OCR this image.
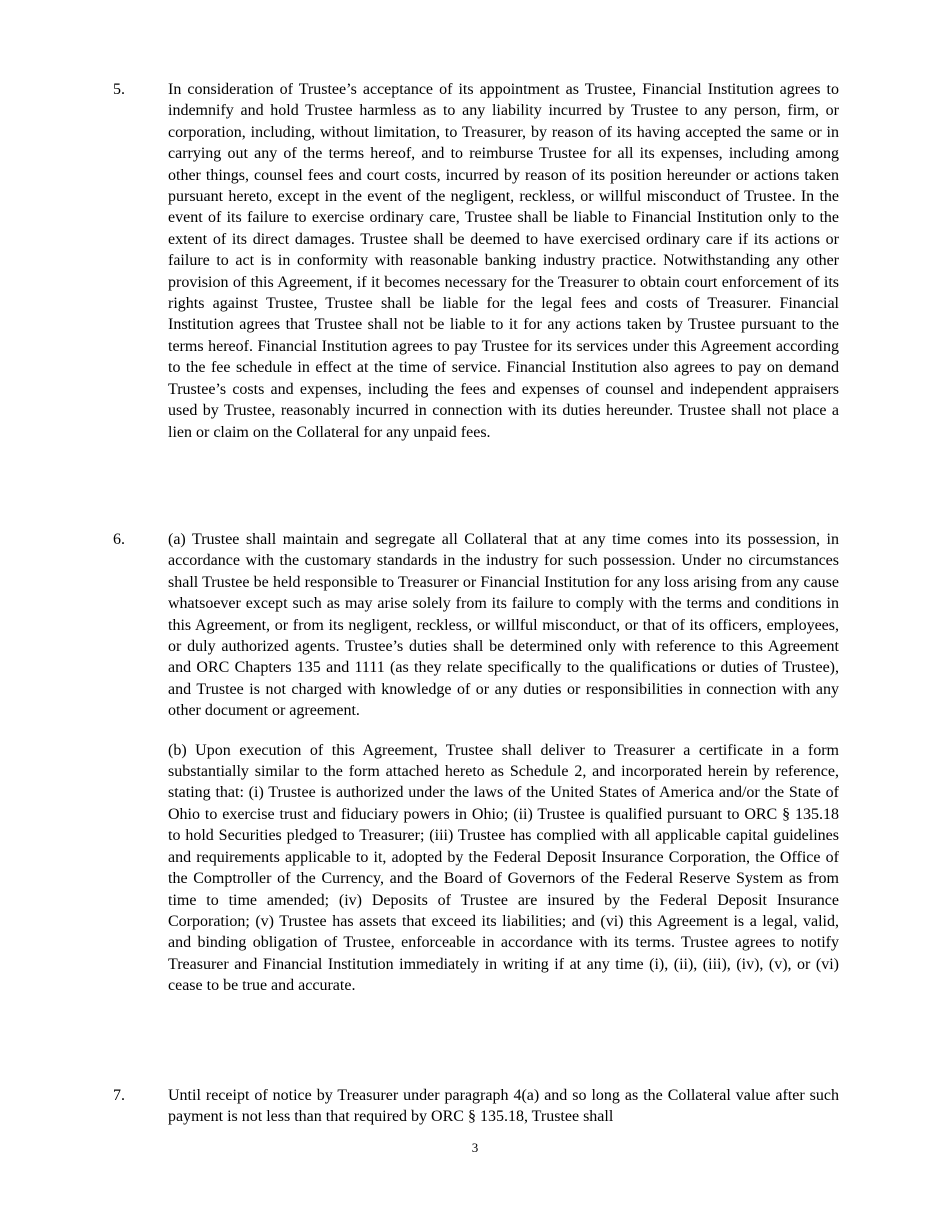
5.	In consideration of Trustee’s acceptance of its appointment as Trustee, Financial Institution agrees to indemnify and hold Trustee harmless as to any liability incurred by Trustee to any person, firm, or corporation, including, without limitation, to Treasurer, by reason of its having accepted the same or in carrying out any of the terms hereof, and to reimburse Trustee for all its expenses, including among other things, counsel fees and court costs, incurred by reason of its position hereunder or actions taken pursuant hereto, except in the event of the negligent, reckless, or willful misconduct of Trustee. In the event of its failure to exercise ordinary care, Trustee shall be liable to Financial Institution only to the extent of its direct damages. Trustee shall be deemed to have exercised ordinary care if its actions or failure to act is in conformity with reasonable banking industry practice. Notwithstanding any other provision of this Agreement, if it becomes necessary for the Treasurer to obtain court enforcement of its rights against Trustee, Trustee shall be liable for the legal fees and costs of Treasurer. Financial Institution agrees that Trustee shall not be liable to it for any actions taken by Trustee pursuant to the terms hereof. Financial Institution agrees to pay Trustee for its services under this Agreement according to the fee schedule in effect at the time of service. Financial Institution also agrees to pay on demand Trustee’s costs and expenses, including the fees and expenses of counsel and independent appraisers used by Trustee, reasonably incurred in connection with its duties hereunder. Trustee shall not place a lien or claim on the Collateral for any unpaid fees.

6.	(a) Trustee shall maintain and segregate all Collateral that at any time comes into its possession, in accordance with the customary standards in the industry for such possession. Under no circumstances shall Trustee be held responsible to Treasurer or Financial Institution for any loss arising from any cause whatsoever except such as may arise solely from its failure to comply with the terms and conditions in this Agreement, or from its negligent, reckless, or willful misconduct, or that of its officers, employees, or duly authorized agents. Trustee’s duties shall be determined only with reference to this Agreement and ORC Chapters 135 and 1111 (as they relate specifically to the qualifications or duties of Trustee), and Trustee is not charged with knowledge of or any duties or responsibilities in connection with any other document or agreement.

(b) Upon execution of this Agreement, Trustee shall deliver to Treasurer a certificate in a form substantially similar to the form attached hereto as Schedule 2, and incorporated herein by reference, stating that: (i) Trustee is authorized under the laws of the United States of America and/or the State of Ohio to exercise trust and fiduciary powers in Ohio; (ii) Trustee is qualified pursuant to ORC § 135.18 to hold Securities pledged to Treasurer; (iii) Trustee has complied with all applicable capital guidelines and requirements applicable to it, adopted by the Federal Deposit Insurance Corporation, the Office of the Comptroller of the Currency, and the Board of Governors of the Federal Reserve System as from time to time amended; (iv) Deposits of Trustee are insured by the Federal Deposit Insurance Corporation; (v) Trustee has assets that exceed its liabilities; and (vi) this Agreement is a legal, valid, and binding obligation of Trustee, enforceable in accordance with its terms. Trustee agrees to notify Treasurer and Financial Institution immediately in writing if at any time (i), (ii), (iii), (iv), (v), or (vi) cease to be true and accurate.

7.	Until receipt of notice by Treasurer under paragraph 4(a) and so long as the Collateral value after such payment is not less than that required by ORC § 135.18, Trustee shall

3
